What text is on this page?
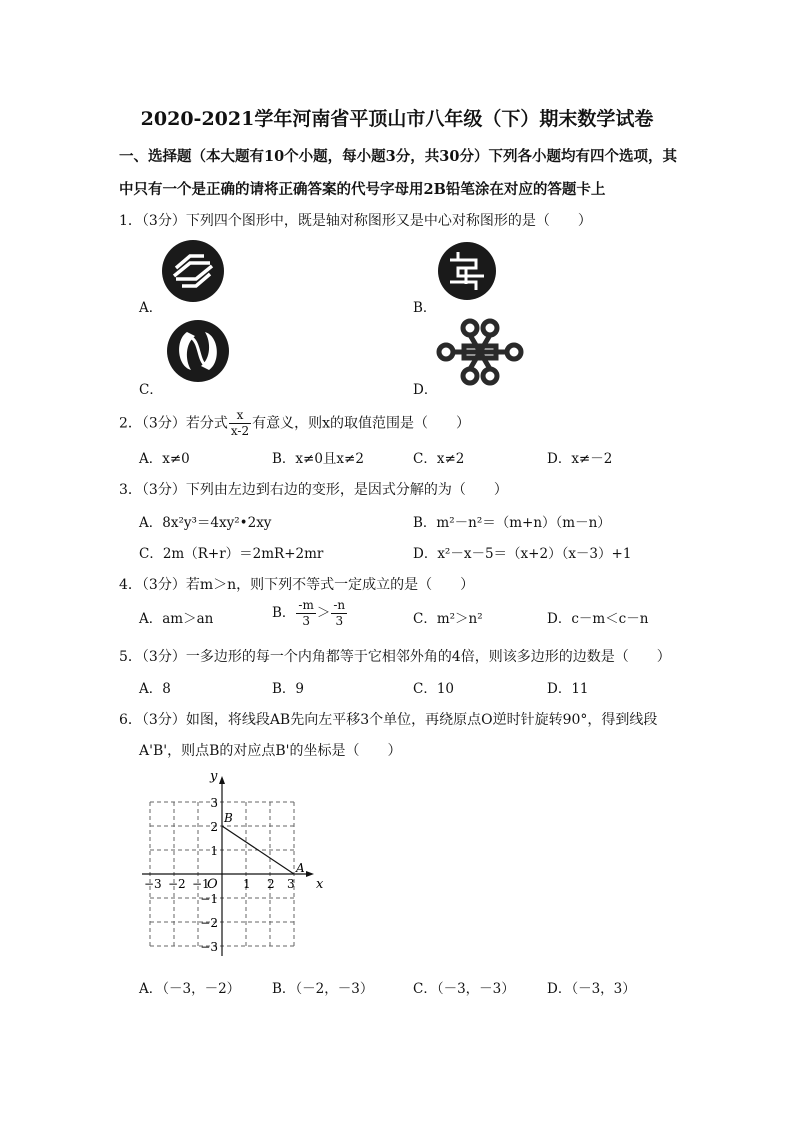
2020-2021学年河南省平顶山市八年级（下）期末数学试卷
一、选择题（本大题有10个小题，每小题3分，共30分）下列各小题均有四个选项，其
中只有一个是正确的请将正确答案的代号字母用2B铅笔涂在对应的答题卡上
1．（3分）下列四个图形中，既是轴对称图形又是中心对称图形的是（　　）
A．	B．
C．	D．
2．（3分）若分式 $\frac{x}{x-2}$ 有意义，则x的取值范围是（　　）
A．x≠0	B．x≠0且x≠2	C．x≠2	D．x≠－2
3．（3分）下列由左边到右边的变形，是因式分解的为（　　）
A．8x²y³＝4xy²•2xy	B．m²－n²＝（m+n）（m－n）
C．2m（R+r）＝2mR+2mr	D．x²－x－5＝（x+2）（x－3）+1
4．（3分）若m＞n，则下列不等式一定成立的是（　　）
A．am＞an	B． $\frac{-m}{3} > \frac{-n}{3}$	C．m²＞n²	D．c－m＜c－n
5．（3分）一多边形的每一个内角都等于它相邻外角的4倍，则该多边形的边数是（　　）
A．8	B．9	C．10	D．11
6．（3分）如图，将线段AB先向左平移3个单位，再绕原点O逆时针旋转90°，得到线段
A'B'，则点B的对应点B'的坐标是（　　）
x
y
O
A
B
−3 −2 −1	1 2 3
3
2
1
−1
−2
−3
A．（－3，－2） B．（－2，－3）	C．（－3，－3） D．（－3，3）
